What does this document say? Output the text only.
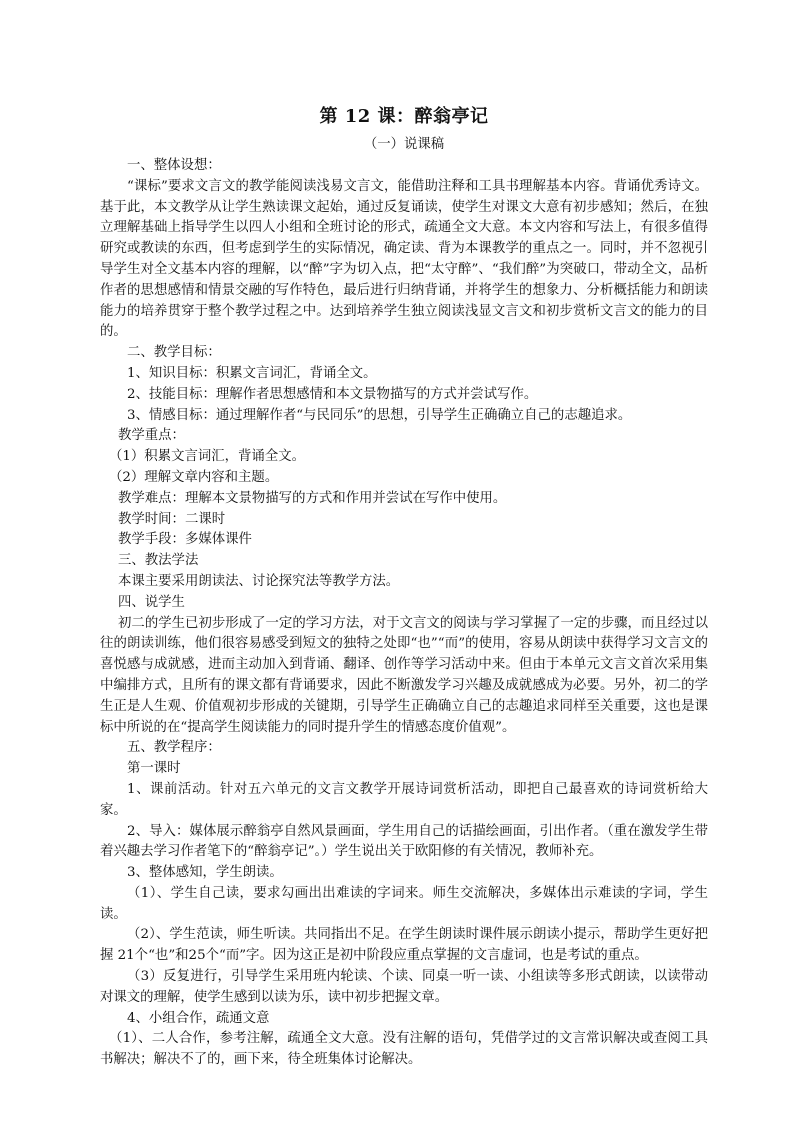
第 12 课：醉翁亭记
（一）说课稿

一、整体设想：

“课标”要求文言文的教学能阅读浅易文言文，能借助注释和工具书理解基本内容。背诵优秀诗文。基于此，本文教学从让学生熟读课文起始，通过反复诵读，使学生对课文大意有初步感知；然后，在独立理解基础上指导学生以四人小组和全班讨论的形式，疏通全文大意。本文内容和写法上，有很多值得研究或教读的东西，但考虑到学生的实际情况，确定读、背为本课教学的重点之一。同时，并不忽视引导学生对全文基本内容的理解，以“醉”字为切入点，把“太守醉”、“我们醉”为突破口，带动全文，品析作者的思想感情和情景交融的写作特色，最后进行归纳背诵，并将学生的想象力、分析概括能力和朗读能力的培养贯穿于整个教学过程之中。达到培养学生独立阅读浅显文言文和初步赏析文言文的能力的目的。

二、教学目标：

1、知识目标：积累文言词汇，背诵全文。

2、技能目标：理解作者思想感情和本文景物描写的方式并尝试写作。

3、情感目标：通过理解作者“与民同乐”的思想，引导学生正确确立自己的志趣追求。

教学重点：

（1）积累文言词汇，背诵全文。

（2）理解文章内容和主题。

教学难点：理解本文景物描写的方式和作用并尝试在写作中使用。

教学时间：二课时

教学手段：多媒体课件

三、教法学法

本课主要采用朗读法、讨论探究法等教学方法。

四、说学生

初二的学生已初步形成了一定的学习方法，对于文言文的阅读与学习掌握了一定的步骤，而且经过以往的朗读训练，他们很容易感受到短文的独特之处即“也”“而”的使用，容易从朗读中获得学习文言文的喜悦感与成就感，进而主动加入到背诵、翻译、创作等学习活动中来。但由于本单元文言文首次采用集中编排方式，且所有的课文都有背诵要求，因此不断激发学习兴趣及成就感成为必要。另外，初二的学生正是人生观、价值观初步形成的关键期，引导学生正确确立自己的志趣追求同样至关重要，这也是课标中所说的在“提高学生阅读能力的同时提升学生的情感态度价值观”。

五、教学程序：

第一课时

1、课前活动。针对五六单元的文言文教学开展诗词赏析活动，即把自己最喜欢的诗词赏析给大家。

2、导入：媒体展示醉翁亭自然风景画面，学生用自己的话描绘画面，引出作者。（重在激发学生带着兴趣去学习作者笔下的“醉翁亭记”。）学生说出关于欧阳修的有关情况，教师补充。

3、整体感知，学生朗读。

（1）、学生自己读，要求勾画出出难读的字词来。师生交流解决，多媒体出示难读的字词，学生读。

（2）、学生范读，师生听读。共同指出不足。在学生朗读时课件展示朗读小提示，帮助学生更好把握 21个“也”和25个“而”字。因为这正是初中阶段应重点掌握的文言虚词，也是考试的重点。

（3）反复进行，引导学生采用班内轮读、个读、同桌一听一读、小组读等多形式朗读，以读带动对课文的理解，使学生感到以读为乐，读中初步把握文章。

4、小组合作，疏通文意

（1）、二人合作，参考注解，疏通全文大意。没有注解的语句，凭借学过的文言常识解决或查阅工具书解决；解决不了的，画下来，待全班集体讨论解决。
